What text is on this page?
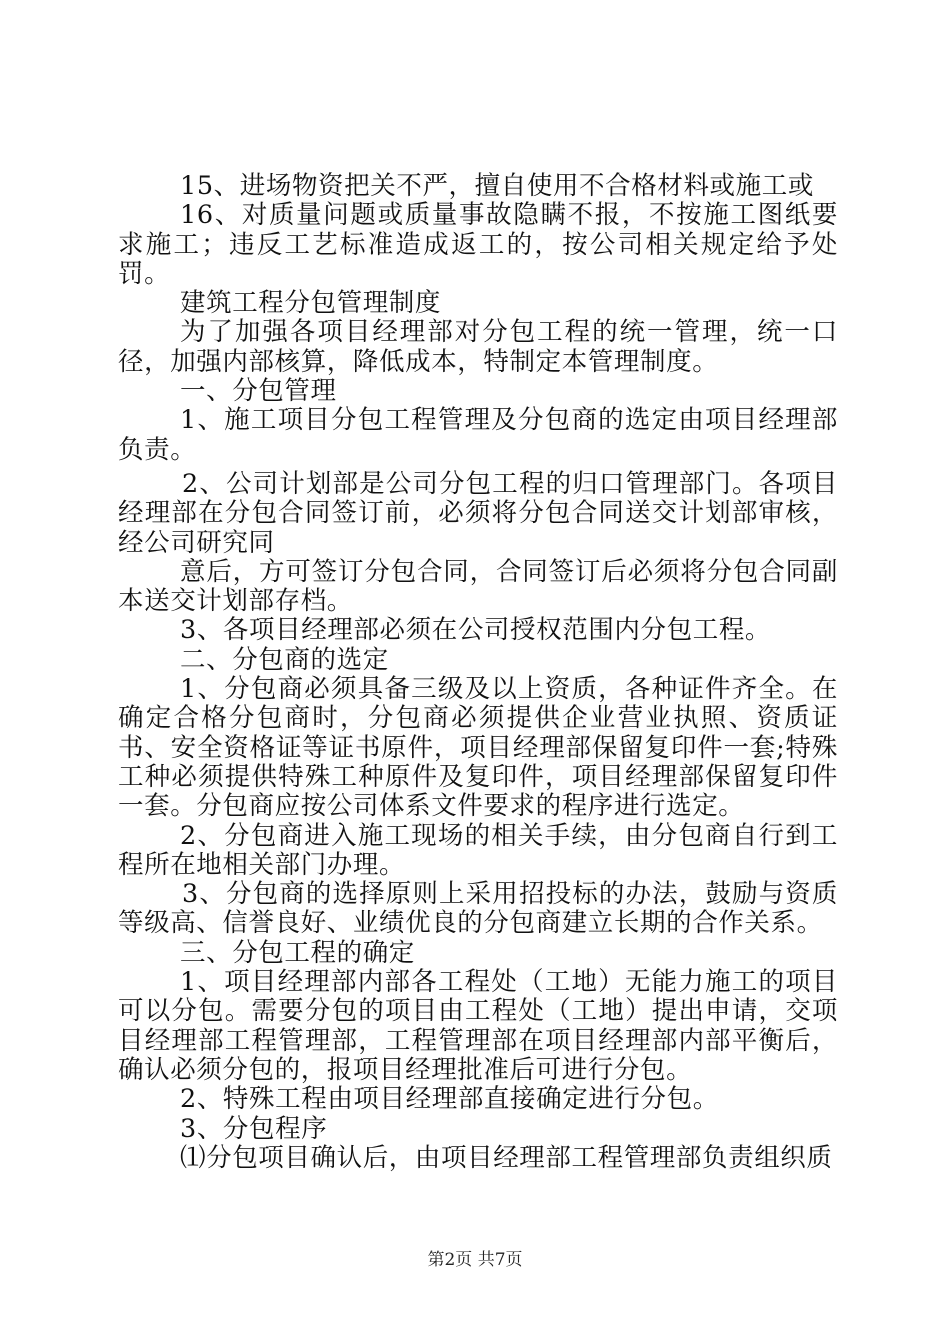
15、进场物资把关不严，擅自使用不合格材料或施工或

16、对质量问题或质量事故隐瞒不报，不按施工图纸要求施工；违反工艺标准造成返工的，按公司相关规定给予处罚。

建筑工程分包管理制度

为了加强各项目经理部对分包工程的统一管理，统一口径，加强内部核算，降低成本，特制定本管理制度。

一、分包管理

1、施工项目分包工程管理及分包商的选定由项目经理部负责。

2、公司计划部是公司分包工程的归口管理部门。各项目经理部在分包合同签订前，必须将分包合同送交计划部审核，经公司研究同

意后，方可签订分包合同，合同签订后必须将分包合同副本送交计划部存档。

3、各项目经理部必须在公司授权范围内分包工程。

二、分包商的选定

1、分包商必须具备三级及以上资质，各种证件齐全。在确定合格分包商时，分包商必须提供企业营业执照、资质证书、安全资格证等证书原件，项目经理部保留复印件一套;特殊工种必须提供特殊工种原件及复印件，项目经理部保留复印件一套。分包商应按公司体系文件要求的程序进行选定。

2、分包商进入施工现场的相关手续，由分包商自行到工程所在地相关部门办理。

3、分包商的选择原则上采用招投标的办法，鼓励与资质等级高、信誉良好、业绩优良的分包商建立长期的合作关系。

三、分包工程的确定

1、项目经理部内部各工程处（工地）无能力施工的项目可以分包。需要分包的项目由工程处（工地）提出申请，交项目经理部工程管理部，工程管理部在项目经理部内部平衡后，确认必须分包的，报项目经理批准后可进行分包。

2、特殊工程由项目经理部直接确定进行分包。

3、分包程序

⑴分包项目确认后，由项目经理部工程管理部负责组织质

第2页 共7页
